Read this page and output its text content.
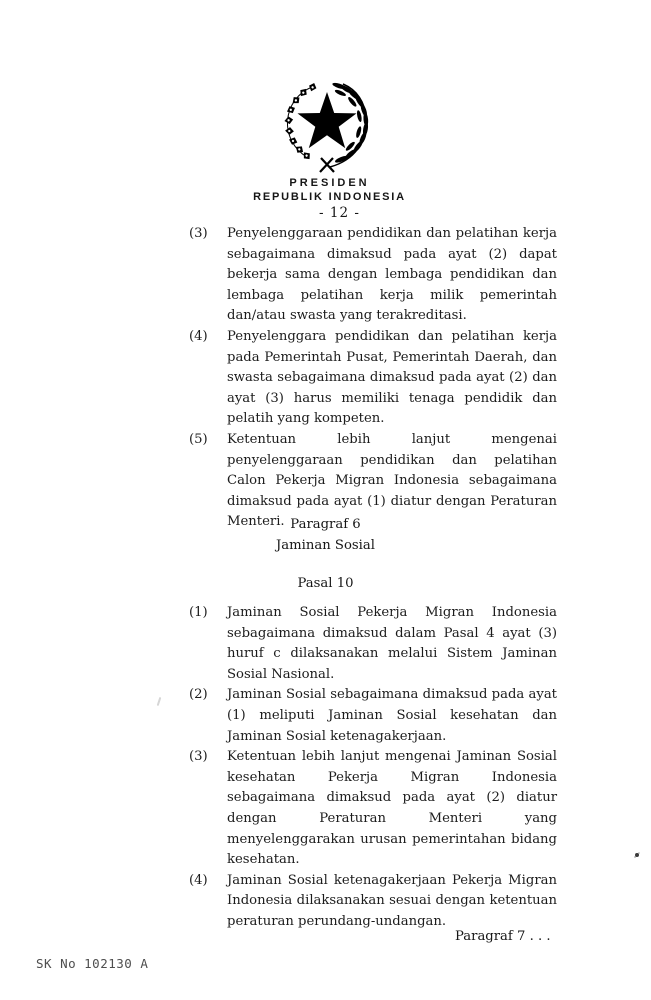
PRESIDEN
REPUBLIK INDONESIA
- 12 -
(3)	Penyelenggaraan pendidikan dan pelatihan kerja sebagaimana dimaksud pada ayat (2) dapat bekerja sama dengan lembaga pendidikan dan lembaga pelatihan kerja milik pemerintah dan/atau swasta yang terakreditasi.
(4)	Penyelenggara pendidikan dan pelatihan kerja pada Pemerintah Pusat, Pemerintah Daerah, dan swasta sebagaimana dimaksud pada ayat (2) dan ayat (3) harus memiliki tenaga pendidik dan pelatih yang kompeten.
(5)	Ketentuan lebih lanjut mengenai penyelenggaraan pendidikan dan pelatihan Calon Pekerja Migran Indonesia sebagaimana dimaksud pada ayat (1) diatur dengan Peraturan Menteri. Paragraf 6
Jaminan Sosial
Pasal 10
(1)	Jaminan Sosial Pekerja Migran Indonesia sebagaimana dimaksud dalam Pasal 4 ayat (3) huruf c dilaksanakan melalui Sistem Jaminan Sosial Nasional.
(2)	Jaminan Sosial sebagaimana dimaksud pada ayat (1) meliputi Jaminan Sosial kesehatan dan Jaminan Sosial ketenagakerjaan.
(3)	Ketentuan lebih lanjut mengenai Jaminan Sosial kesehatan Pekerja Migran Indonesia sebagaimana dimaksud pada ayat (2) diatur dengan Peraturan Menteri yang menyelenggarakan urusan pemerintahan bidang kesehatan.
(4)	Jaminan Sosial ketenagakerjaan Pekerja Migran Indonesia dilaksanakan sesuai dengan ketentuan peraturan perundang-undangan.
Paragraf 7 . . .
SK No 102130 A
